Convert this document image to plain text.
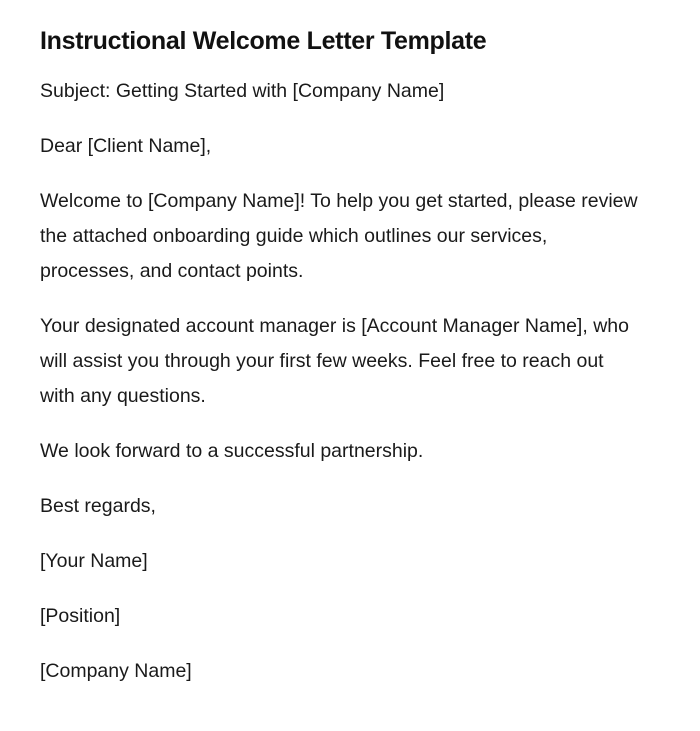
Instructional Welcome Letter Template

Subject: Getting Started with [Company Name]

Dear [Client Name],

Welcome to [Company Name]! To help you get started, please review the attached onboarding guide which outlines our services, processes, and contact points.

Your designated account manager is [Account Manager Name], who will assist you through your first few weeks. Feel free to reach out with any questions.

We look forward to a successful partnership.

Best regards,

[Your Name]

[Position]

[Company Name]
